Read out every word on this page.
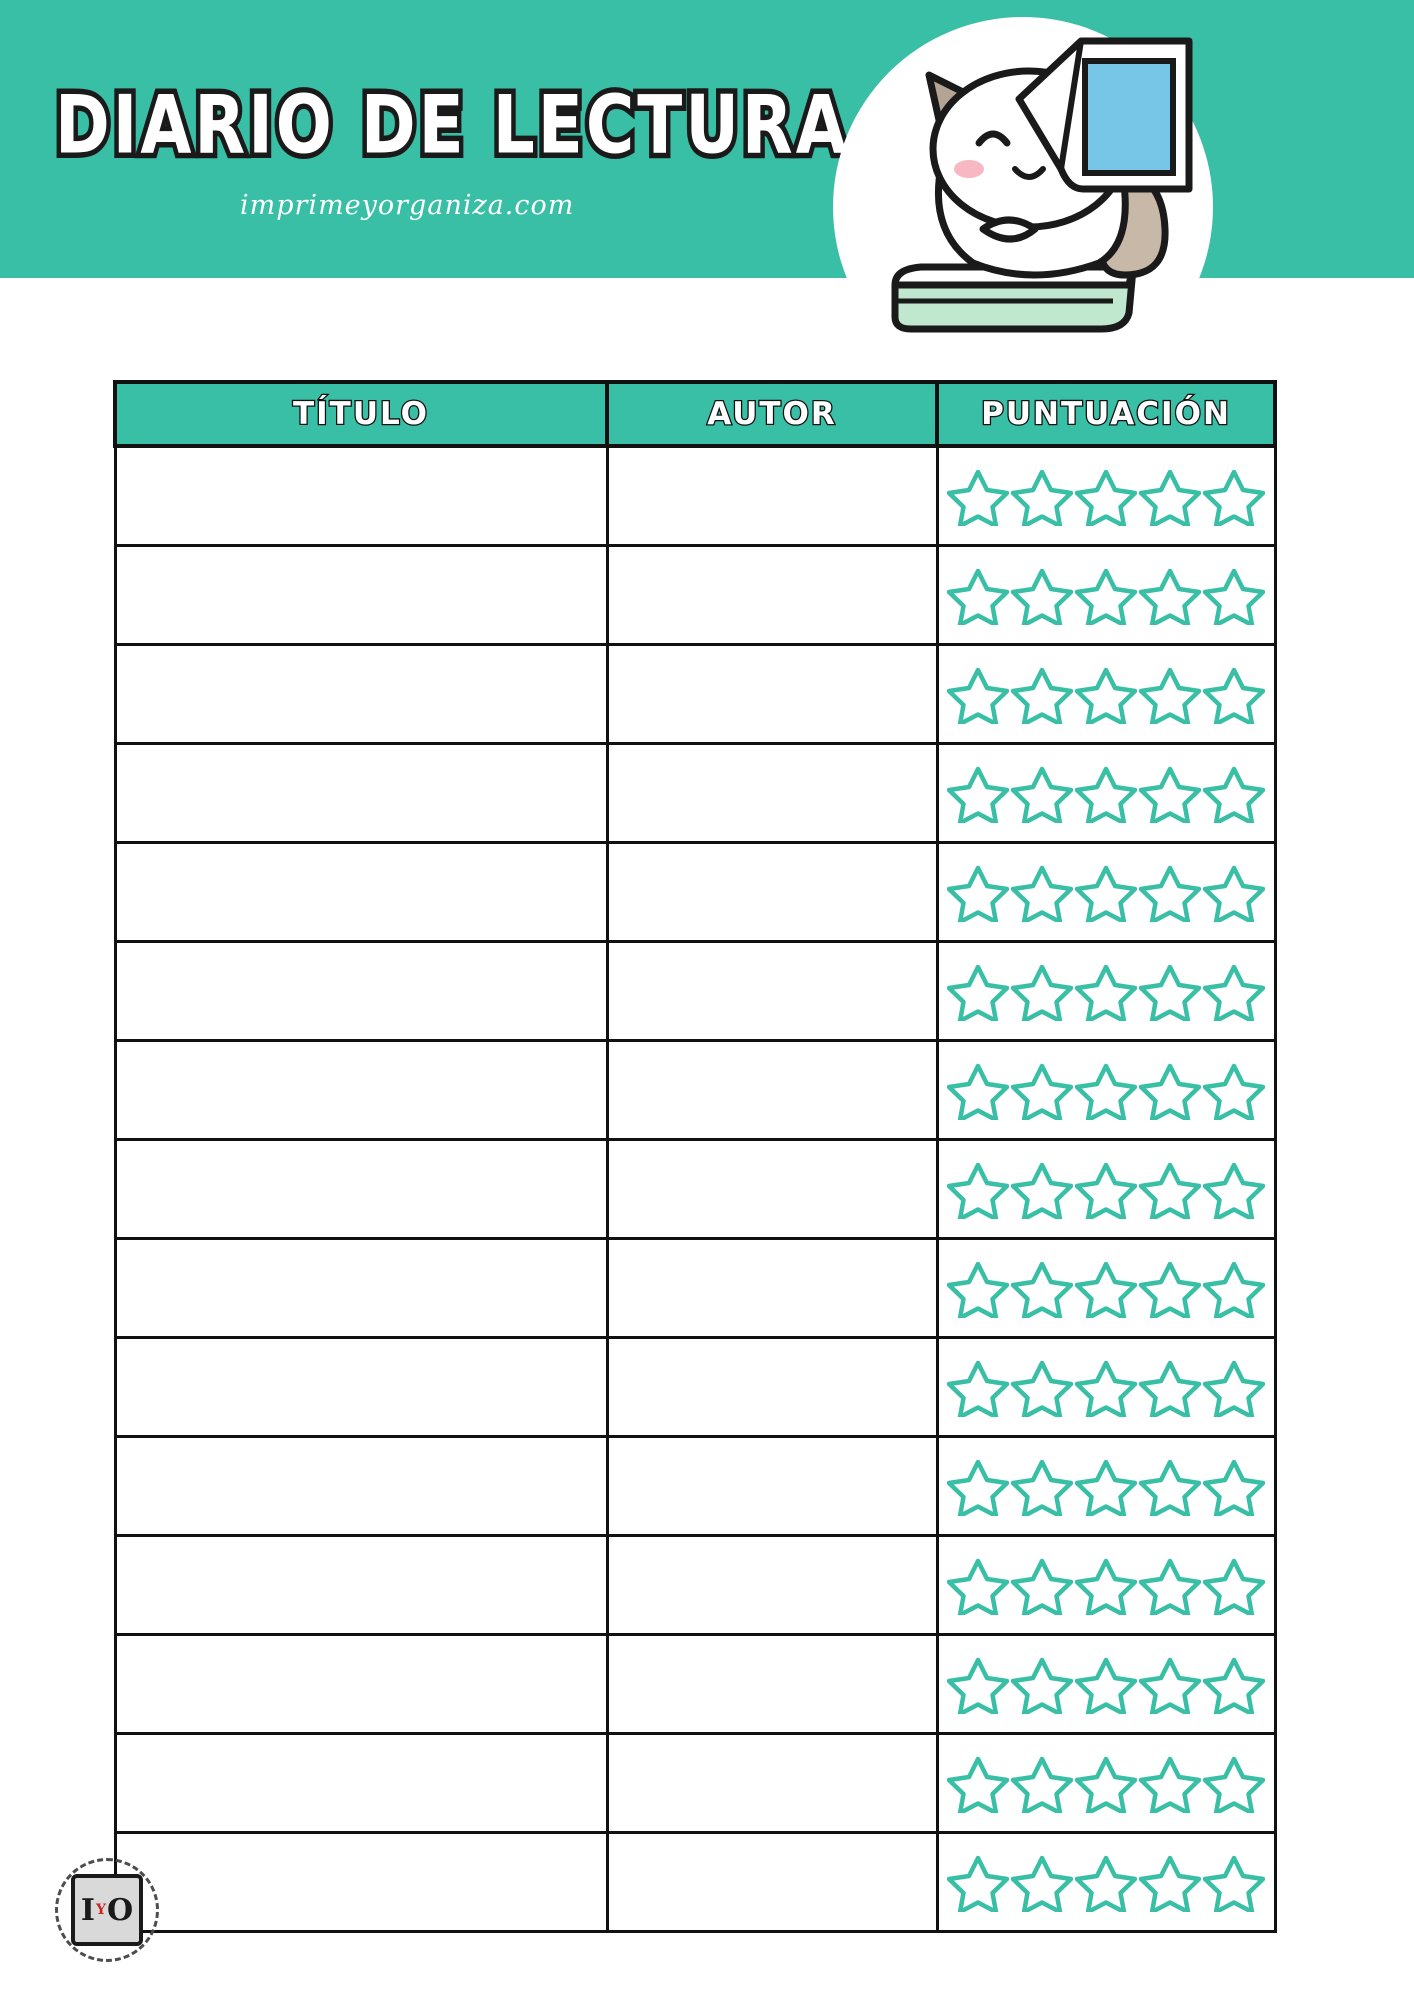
DIARIO DE LECTURA
imprimeyorganiza.com
TÍTULO	AUTOR	PUNTUACIÓN

I Y O
